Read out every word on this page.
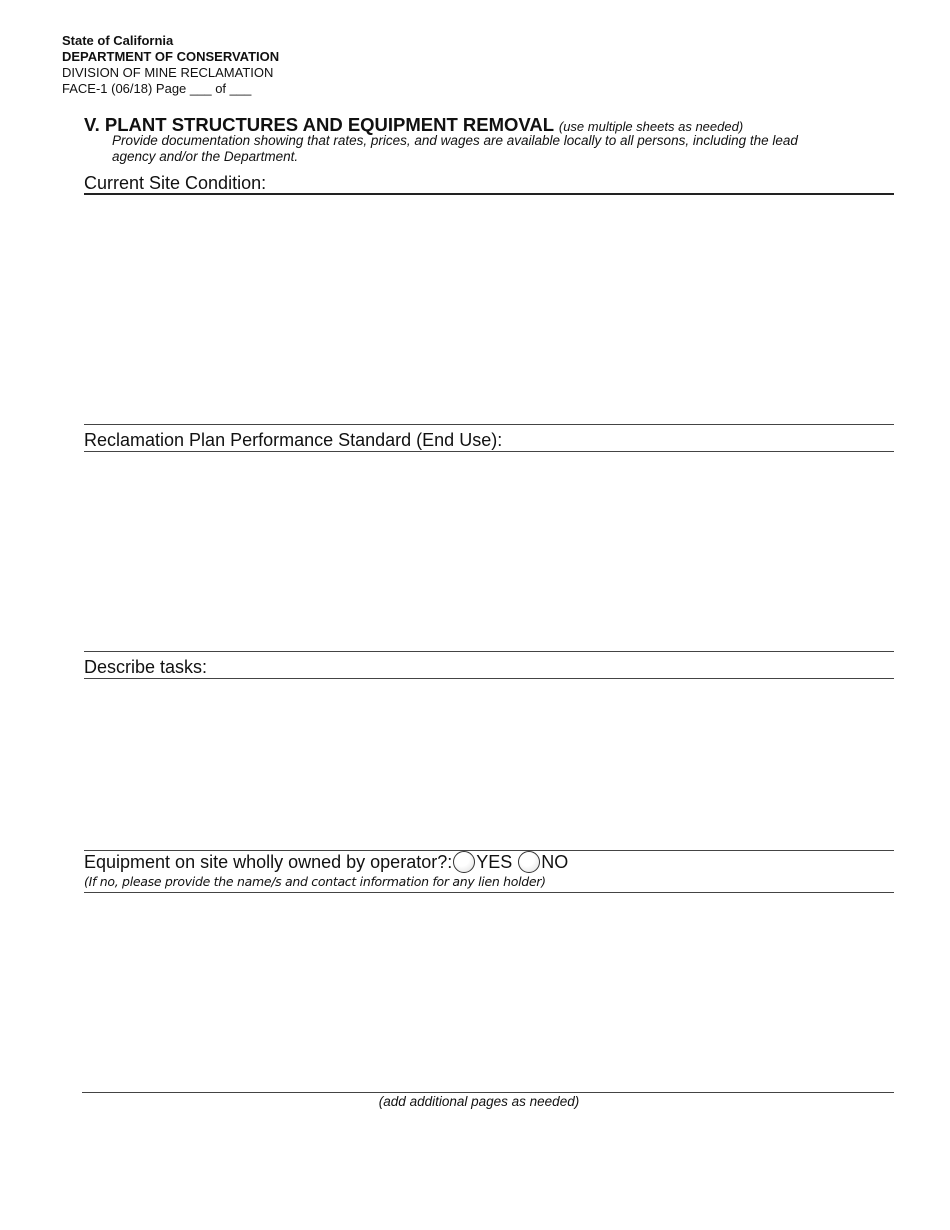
State of California
DEPARTMENT OF CONSERVATION
DIVISION OF MINE RECLAMATION
FACE-1 (06/18) Page ___ of ___
V. PLANT STRUCTURES AND EQUIPMENT REMOVAL (use multiple sheets as needed)
Provide documentation showing that rates, prices, and wages are available locally to all persons, including the lead agency and/or the Department.
Current Site Condition:
Reclamation Plan Performance Standard (End Use):
Describe tasks:
Equipment on site wholly owned by operator?: YES NO
(If no, please provide the name/s and contact information for any lien holder)
(add additional pages as needed)
